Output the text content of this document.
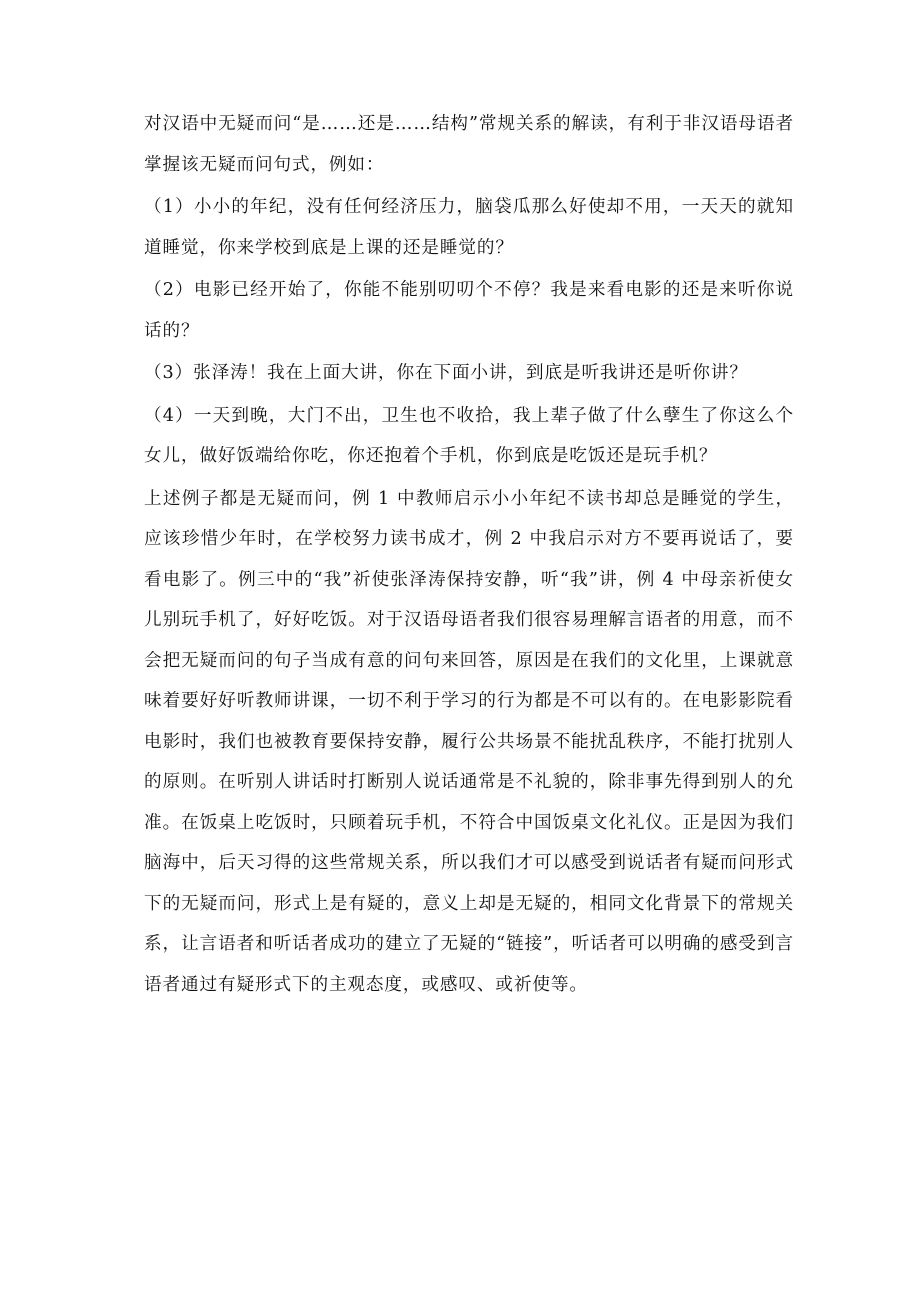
对汉语中无疑而问“是……还是……结构”常规关系的解读，有利于非汉语母语者掌握该无疑而问句式，例如：

（1）小小的年纪，没有任何经济压力，脑袋瓜那么好使却不用，一天天的就知道睡觉，你来学校到底是上课的还是睡觉的？

（2）电影已经开始了，你能不能别叨叨个不停？我是来看电影的还是来听你说话的？

（3）张泽涛！我在上面大讲，你在下面小讲，到底是听我讲还是听你讲？

（4）一天到晚，大门不出，卫生也不收拾，我上辈子做了什么孽生了你这么个女儿，做好饭端给你吃，你还抱着个手机，你到底是吃饭还是玩手机？

上述例子都是无疑而问，例 1 中教师启示小小年纪不读书却总是睡觉的学生，应该珍惜少年时，在学校努力读书成才，例 2 中我启示对方不要再说话了，要看电影了。例三中的“我”祈使张泽涛保持安静，听“我”讲，例 4 中母亲祈使女儿别玩手机了，好好吃饭。对于汉语母语者我们很容易理解言语者的用意，而不会把无疑而问的句子当成有意的问句来回答，原因是在我们的文化里，上课就意味着要好好听教师讲课，一切不利于学习的行为都是不可以有的。在电影影院看电影时，我们也被教育要保持安静，履行公共场景不能扰乱秩序，不能打扰别人的原则。在听别人讲话时打断别人说话通常是不礼貌的，除非事先得到别人的允准。在饭桌上吃饭时，只顾着玩手机，不符合中国饭桌文化礼仪。正是因为我们脑海中，后天习得的这些常规关系，所以我们才可以感受到说话者有疑而问形式下的无疑而问，形式上是有疑的，意义上却是无疑的，相同文化背景下的常规关系，让言语者和听话者成功的建立了无疑的“链接”，听话者可以明确的感受到言语者通过有疑形式下的主观态度，或感叹、或祈使等。
